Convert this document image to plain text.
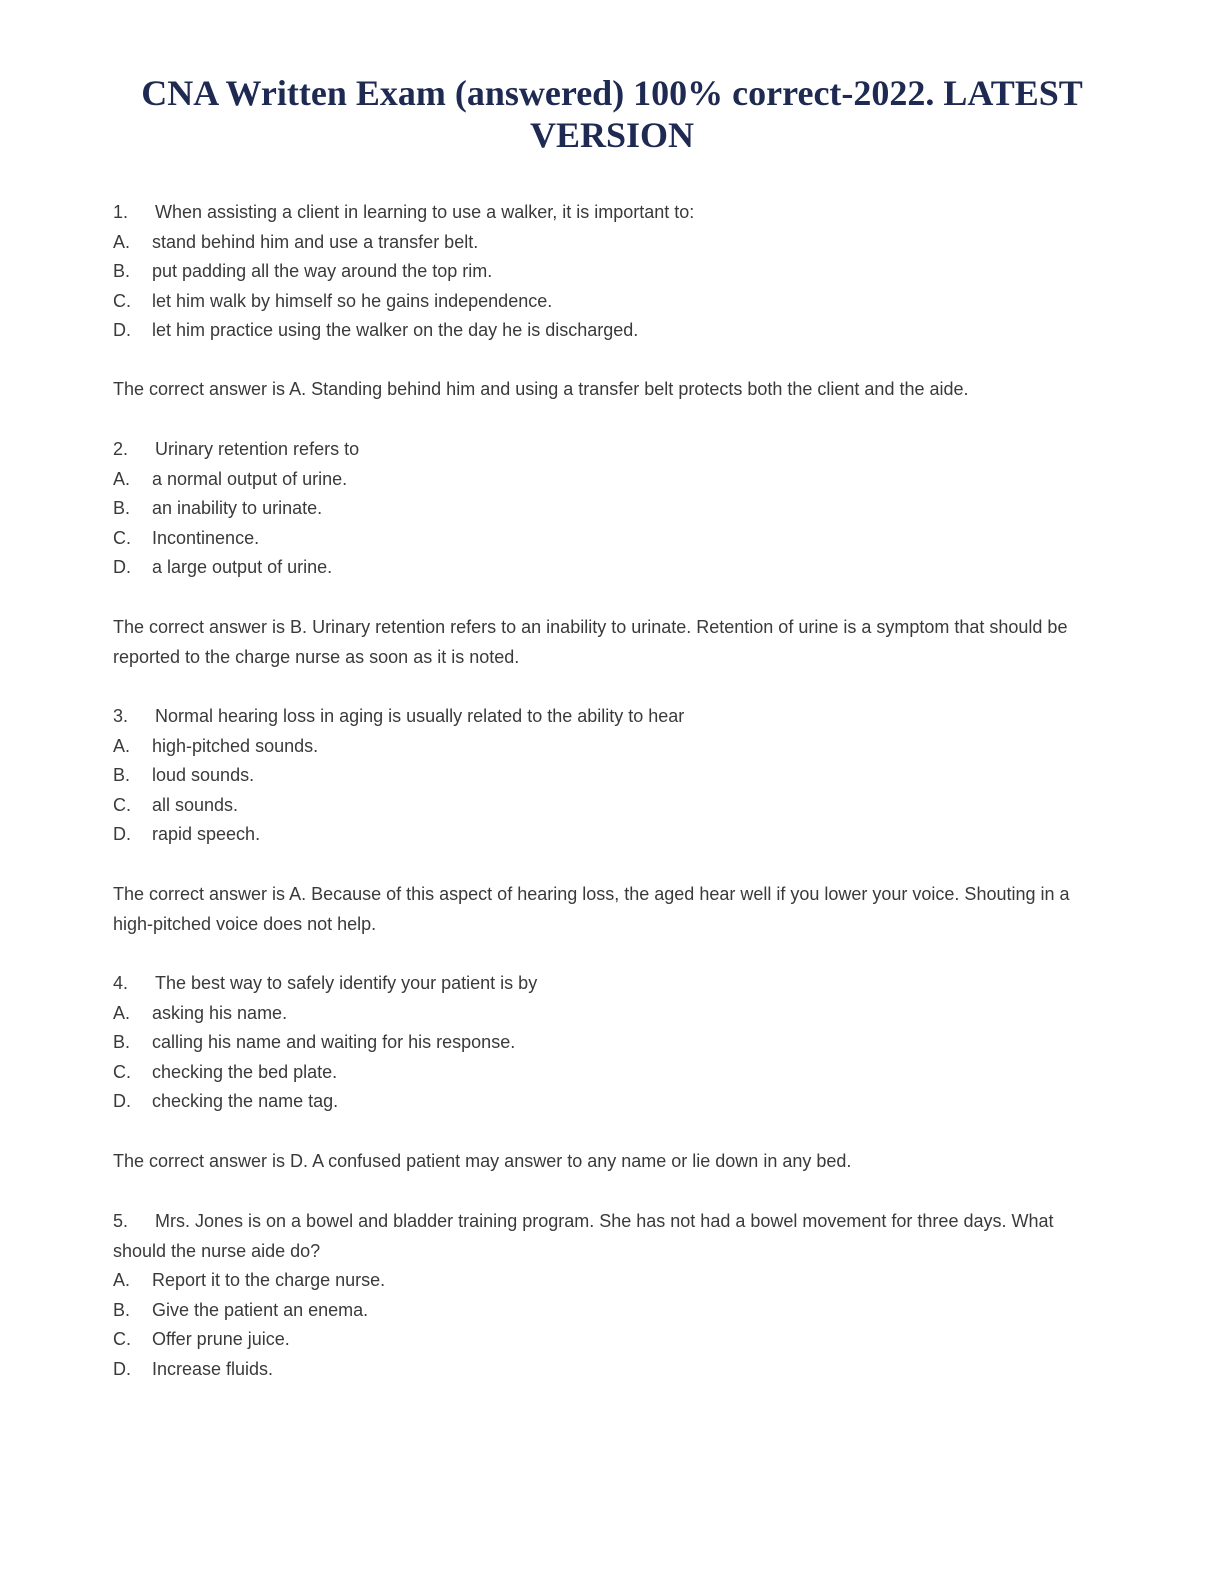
CNA Written Exam (answered) 100% correct-2022. LATEST VERSION
1. When assisting a client in learning to use a walker, it is important to:
A. stand behind him and use a transfer belt.
B. put padding all the way around the top rim.
C. let him walk by himself so he gains independence.
D. let him practice using the walker on the day he is discharged.
The correct answer is A. Standing behind him and using a transfer belt protects both the client and the aide.
2. Urinary retention refers to
A. a normal output of urine.
B. an inability to urinate.
C. Incontinence.
D. a large output of urine.
The correct answer is B. Urinary retention refers to an inability to urinate. Retention of urine is a symptom that should be reported to the charge nurse as soon as it is noted.
3. Normal hearing loss in aging is usually related to the ability to hear
A. high-pitched sounds.
B. loud sounds.
C. all sounds.
D. rapid speech.
The correct answer is A. Because of this aspect of hearing loss, the aged hear well if you lower your voice. Shouting in a high-pitched voice does not help.
4. The best way to safely identify your patient is by
A. asking his name.
B. calling his name and waiting for his response.
C. checking the bed plate.
D. checking the name tag.
The correct answer is D. A confused patient may answer to any name or lie down in any bed.
5. Mrs. Jones is on a bowel and bladder training program. She has not had a bowel movement for three days. What should the nurse aide do?
A. Report it to the charge nurse.
B. Give the patient an enema.
C. Offer prune juice.
D. Increase fluids.
